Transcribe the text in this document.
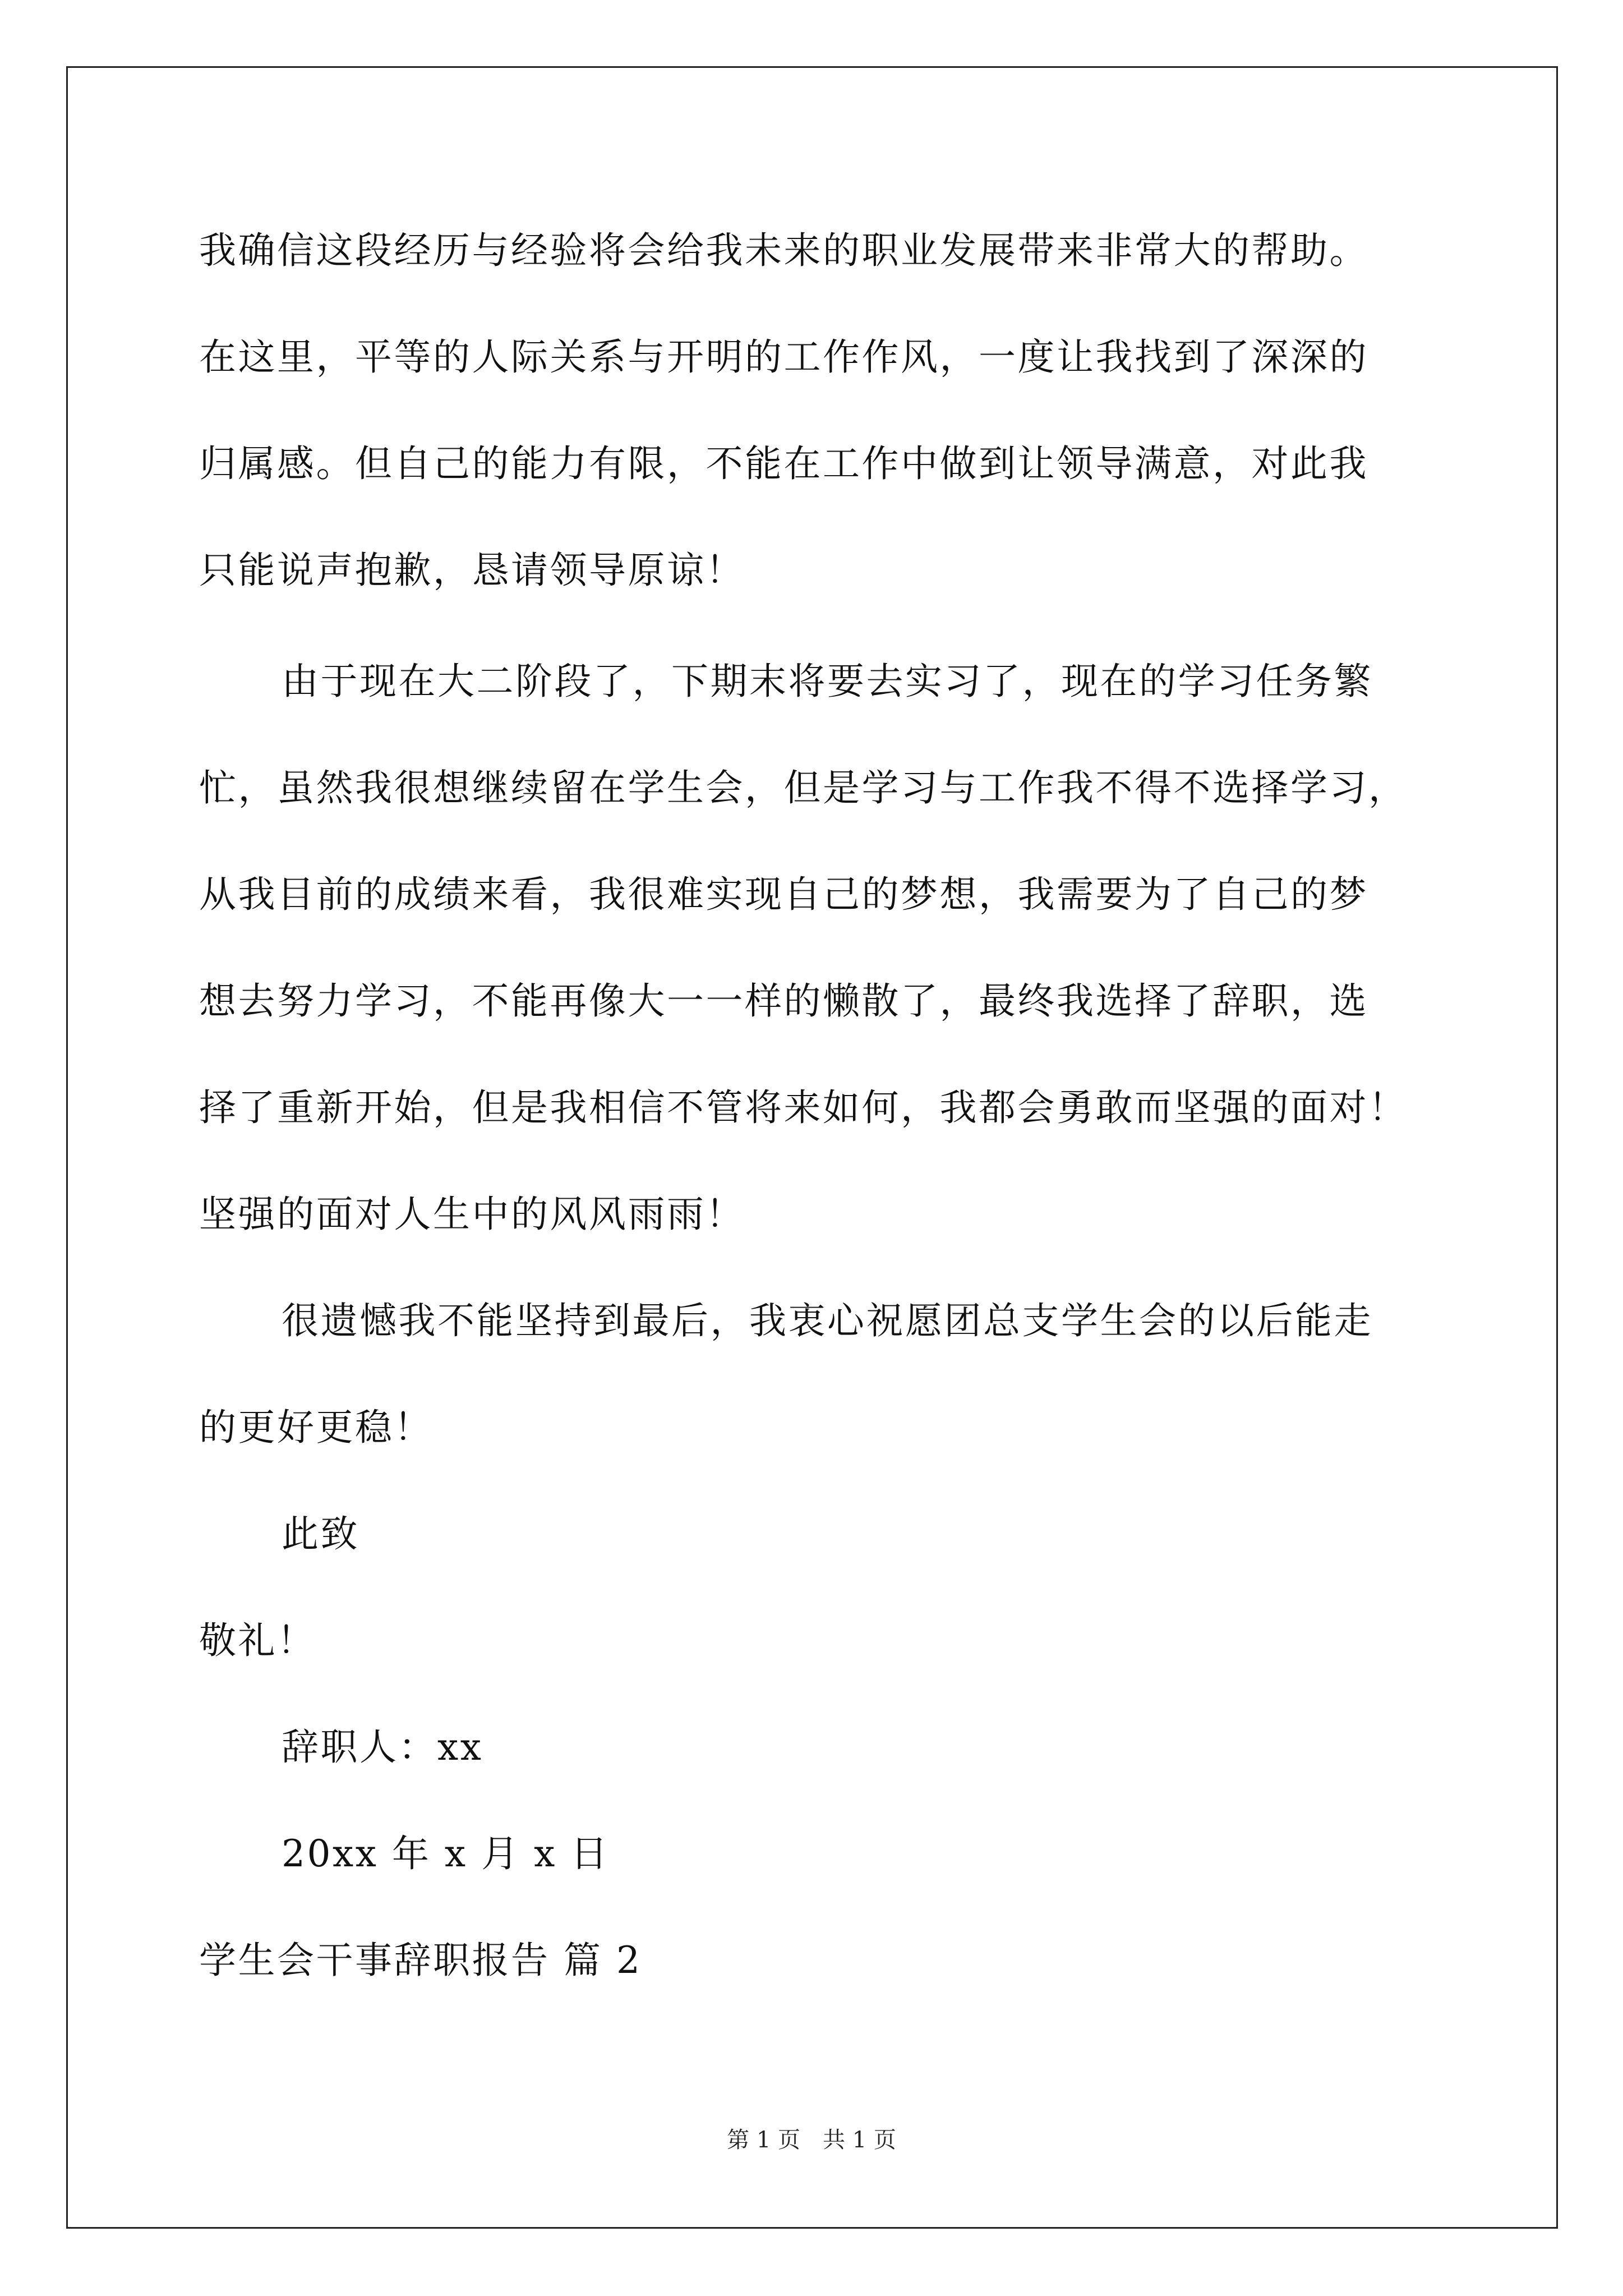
我确信这段经历与经验将会给我未来的职业发展带来非常大的帮助。
在这里，平等的人际关系与开明的工作作风，一度让我找到了深深的
归属感。但自己的能力有限，不能在工作中做到让领导满意，对此我
只能说声抱歉，恳请领导原谅！
由于现在大二阶段了，下期末将要去实习了，现在的学习任务繁
忙，虽然我很想继续留在学生会，但是学习与工作我不得不选择学习，
从我目前的成绩来看，我很难实现自己的梦想，我需要为了自己的梦
想去努力学习，不能再像大一一样的懒散了，最终我选择了辞职，选
择了重新开始，但是我相信不管将来如何，我都会勇敢而坚强的面对！
坚强的面对人生中的风风雨雨！
很遗憾我不能坚持到最后，我衷心祝愿团总支学生会的以后能走
的更好更稳！
此致
敬礼！
辞职人：xx
20xx 年 x 月 x 日
学生会干事辞职报告 篇 2
第 1 页　共 1 页
